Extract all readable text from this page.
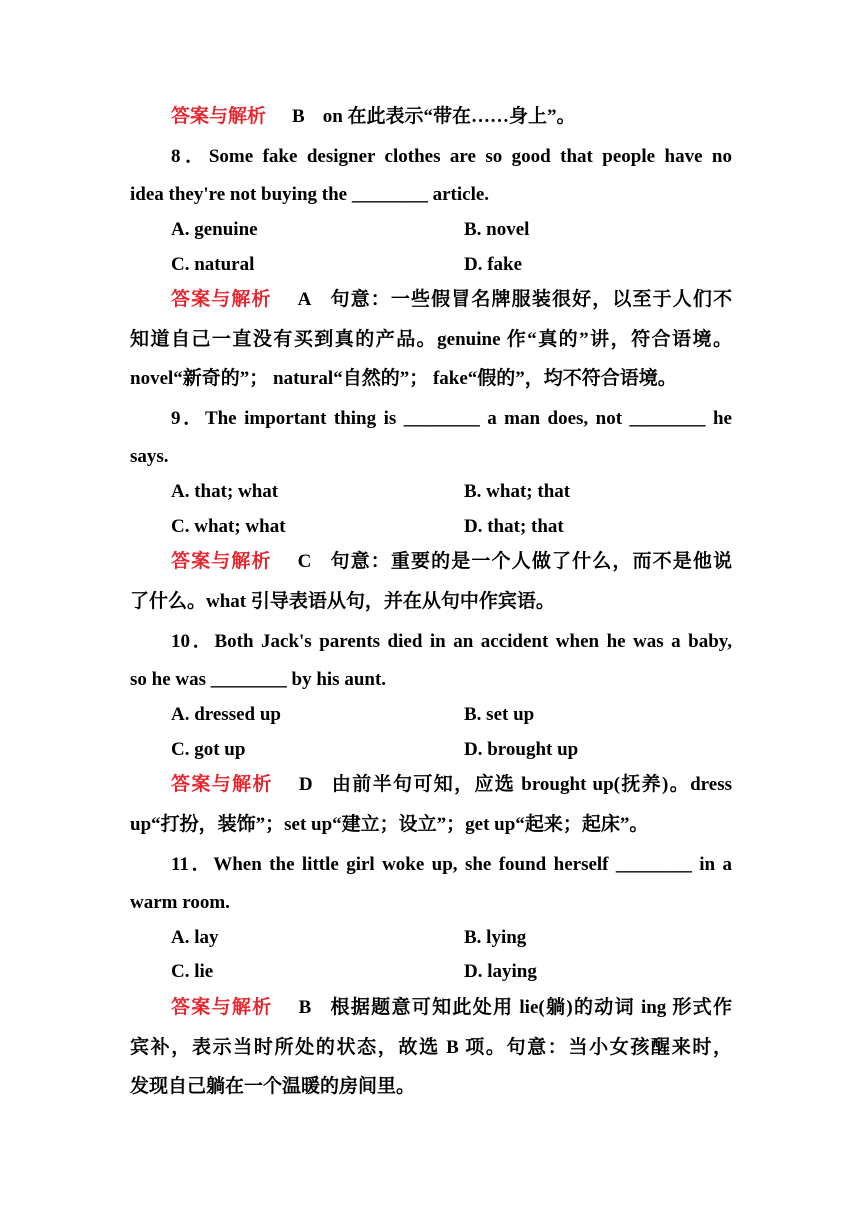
答案与解析 B on 在此表示“带在……身上”。
8．Some fake designer clothes are so good that people have no
idea they're not buying the ________ article.
A. genuine	B. novel
C. natural	D. fake
答案与解析 A 句意：一些假冒名牌服装很好，以至于人们不
知道自己一直没有买到真的产品。genuine 作“真的”讲，符合语境。
novel“新奇的”； natural“自然的”； fake“假的”，均不符合语境。
9．The important thing is ________ a man does, not ________ he
says.
A. that; what	B. what; that
C. what; what	D. that; that
答案与解析 C 句意：重要的是一个人做了什么，而不是他说
了什么。what 引导表语从句，并在从句中作宾语。
10．Both Jack's parents died in an accident when he was a baby,
so he was ________ by his aunt.
A. dressed up	B. set up
C. got up	D. brought up
答案与解析 D 由前半句可知，应选 brought up(抚养)。dress
up“打扮，装饰”；set up“建立；设立”；get up“起来；起床”。
11．When the little girl woke up, she found herself ________ in a
warm room.
A. lay	B. lying
C. lie	D. laying
答案与解析 B 根据题意可知此处用 lie(躺)的动词 ing 形式作
宾补，表示当时所处的状态，故选 B 项。句意：当小女孩醒来时，
发现自己躺在一个温暖的房间里。
